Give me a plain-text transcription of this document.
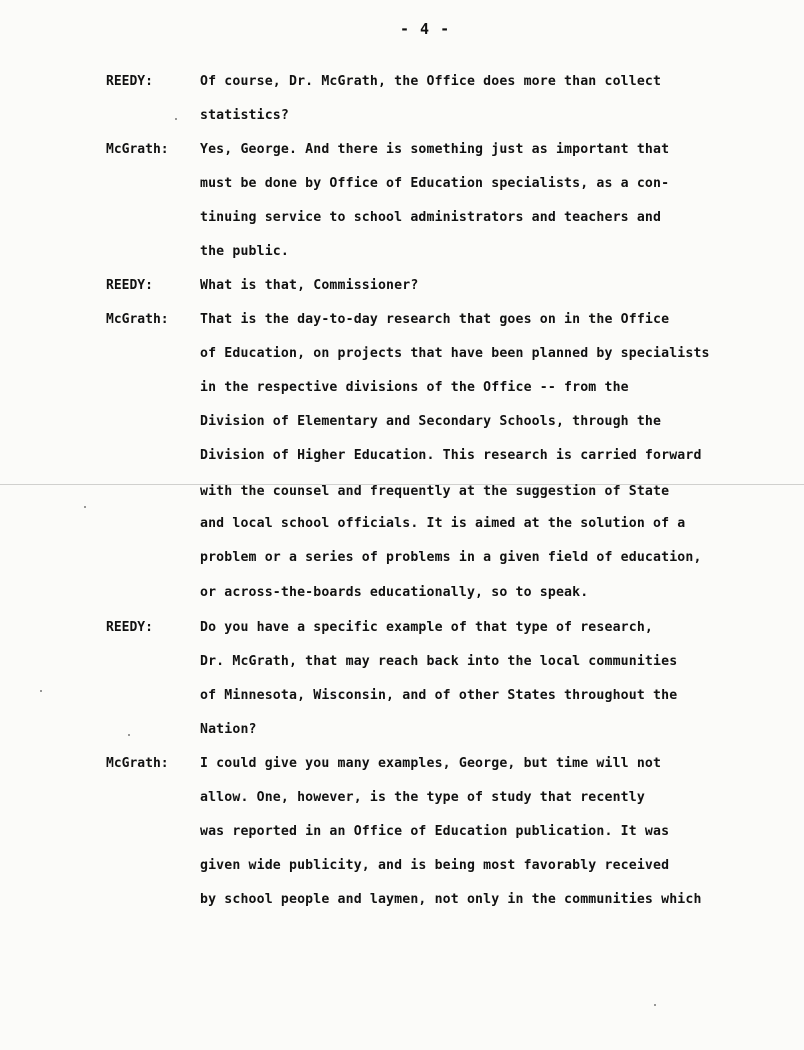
- 4 -
REEDY:	Of course, Dr. McGrath, the Office does more than collect
statistics?
McGrath:	Yes, George. And there is something just as important that
must be done by Office of Education specialists, as a con-
tinuing service to school administrators and teachers and
the public.
REEDY:	What is that, Commissioner?
McGrath:	That is the day-to-day research that goes on in the Office
of Education, on projects that have been planned by specialists
in the respective divisions of the Office -- from the
Division of Elementary and Secondary Schools, through the
Division of Higher Education. This research is carried forward
with the counsel and frequently at the suggestion of State
and local school officials. It is aimed at the solution of a
problem or a series of problems in a given field of education,
or across-the-boards educationally, so to speak.
REEDY:	Do you have a specific example of that type of research,
Dr. McGrath, that may reach back into the local communities
of Minnesota, Wisconsin, and of other States throughout the
Nation?
McGrath:	I could give you many examples, George, but time will not
allow. One, however, is the type of study that recently
was reported in an Office of Education publication. It was
given wide publicity, and is being most favorably received
by school people and laymen, not only in the communities which
